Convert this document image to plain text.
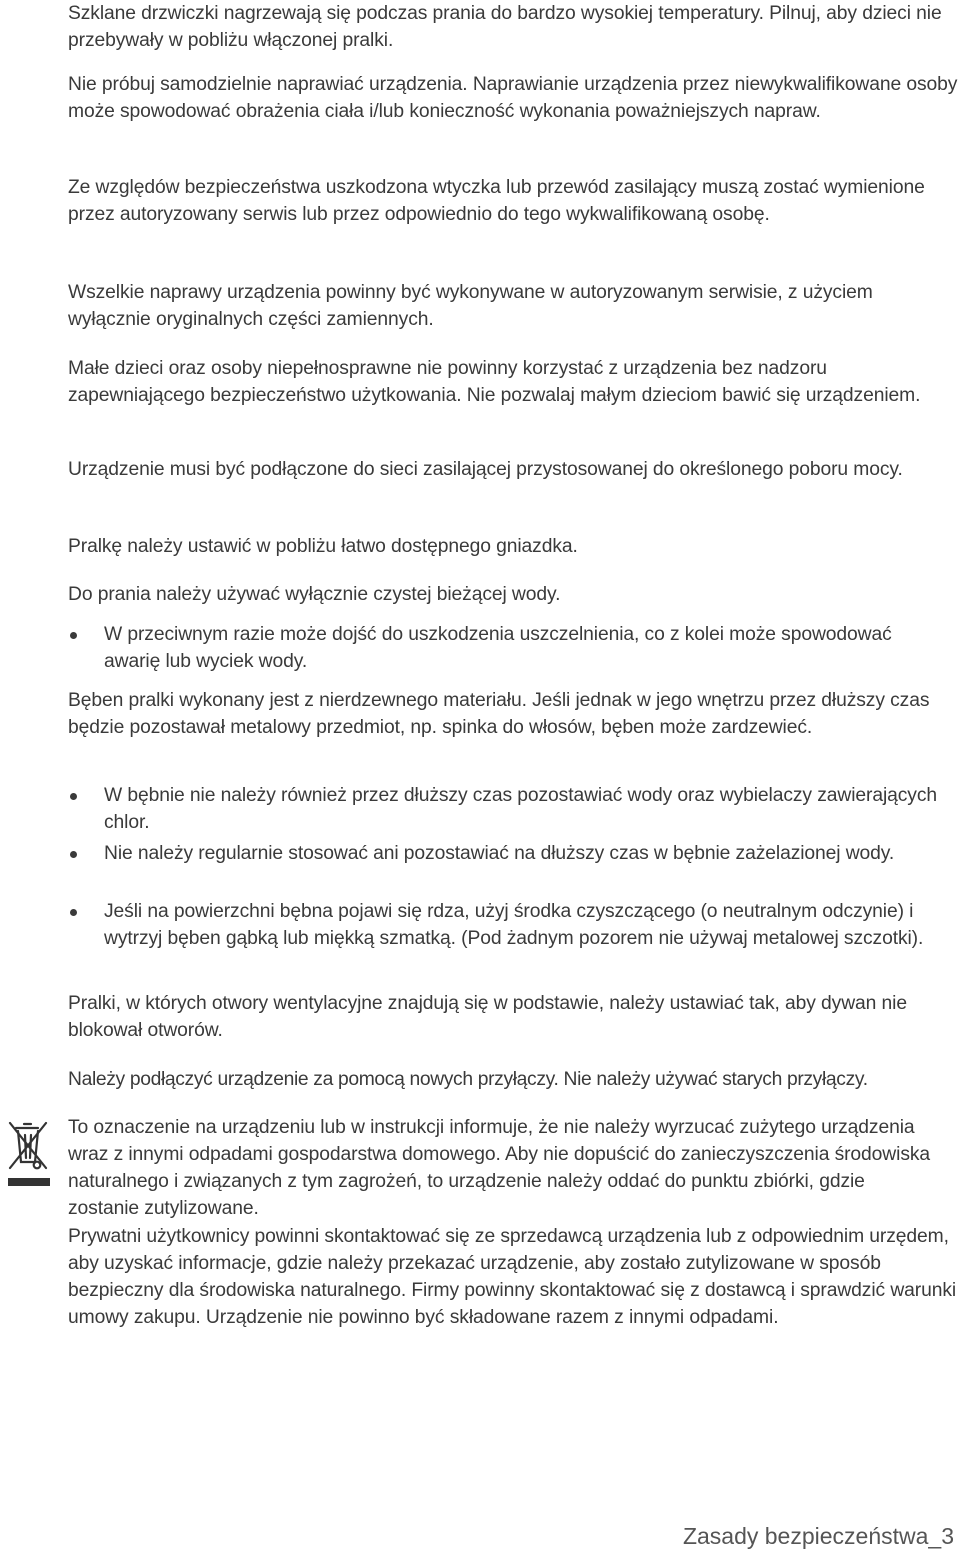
Szklane drzwiczki nagrzewają się podczas prania do bardzo wysokiej temperatury. Pilnuj, aby dzieci nie przebywały w pobliżu włączonej pralki.

Nie próbuj samodzielnie naprawiać urządzenia. Naprawianie urządzenia przez niewykwalifikowane osoby może spowodować obrażenia ciała i/lub konieczność wykonania poważniejszych napraw.

Ze względów bezpieczeństwa uszkodzona wtyczka lub przewód zasilający muszą zostać wymienione przez autoryzowany serwis lub przez odpowiednio do tego wykwalifikowaną osobę.

Wszelkie naprawy urządzenia powinny być wykonywane w autoryzowanym serwisie, z użyciem wyłącznie oryginalnych części zamiennych.

Małe dzieci oraz osoby niepełnosprawne nie powinny korzystać z urządzenia bez nadzoru zapewniającego bezpieczeństwo użytkowania. Nie pozwalaj małym dzieciom bawić się urządzeniem.

Urządzenie musi być podłączone do sieci zasilającej przystosowanej do określonego poboru mocy.

Pralkę należy ustawić w pobliżu łatwo dostępnego gniazdka.

Do prania należy używać wyłącznie czystej bieżącej wody.

W przeciwnym razie może dojść do uszkodzenia uszczelnienia, co z kolei może spowodować awarię lub wyciek wody.

Bęben pralki wykonany jest z nierdzewnego materiału. Jeśli jednak w jego wnętrzu przez dłuższy czas będzie pozostawał metalowy przedmiot, np. spinka do włosów, bęben może zardzewieć.

W bębnie nie należy również przez dłuższy czas pozostawiać wody oraz wybielaczy zawierających chlor.

Nie należy regularnie stosować ani pozostawiać na dłuższy czas w bębnie zażelazionej wody.

Jeśli na powierzchni bębna pojawi się rdza, użyj środka czyszczącego (o neutralnym odczynie) i wytrzyj bęben gąbką lub miękką szmatką. (Pod żadnym pozorem nie używaj metalowej szczotki).

Pralki, w których otwory wentylacyjne znajdują się w podstawie, należy ustawiać tak, aby dywan nie blokował otworów.

Należy podłączyć urządzenie za pomocą nowych przyłączy. Nie należy używać starych przyłączy.

To oznaczenie na urządzeniu lub w instrukcji informuje, że nie należy wyrzucać zużytego urządzenia wraz z innymi odpadami gospodarstwa domowego. Aby nie dopuścić do zanieczyszczenia środowiska naturalnego i związanych z tym zagrożeń, to urządzenie należy oddać do punktu zbiórki, gdzie zostanie zutylizowane.

Prywatni użytkownicy powinni skontaktować się ze sprzedawcą urządzenia lub z odpowiednim urzędem, aby uzyskać informacje, gdzie należy przekazać urządzenie, aby zostało zutylizowane w sposób bezpieczny dla środowiska naturalnego. Firmy powinny skontaktować się z dostawcą i sprawdzić warunki umowy zakupu. Urządzenie nie powinno być składowane razem z innymi odpadami.

Zasady bezpieczeństwa_3
